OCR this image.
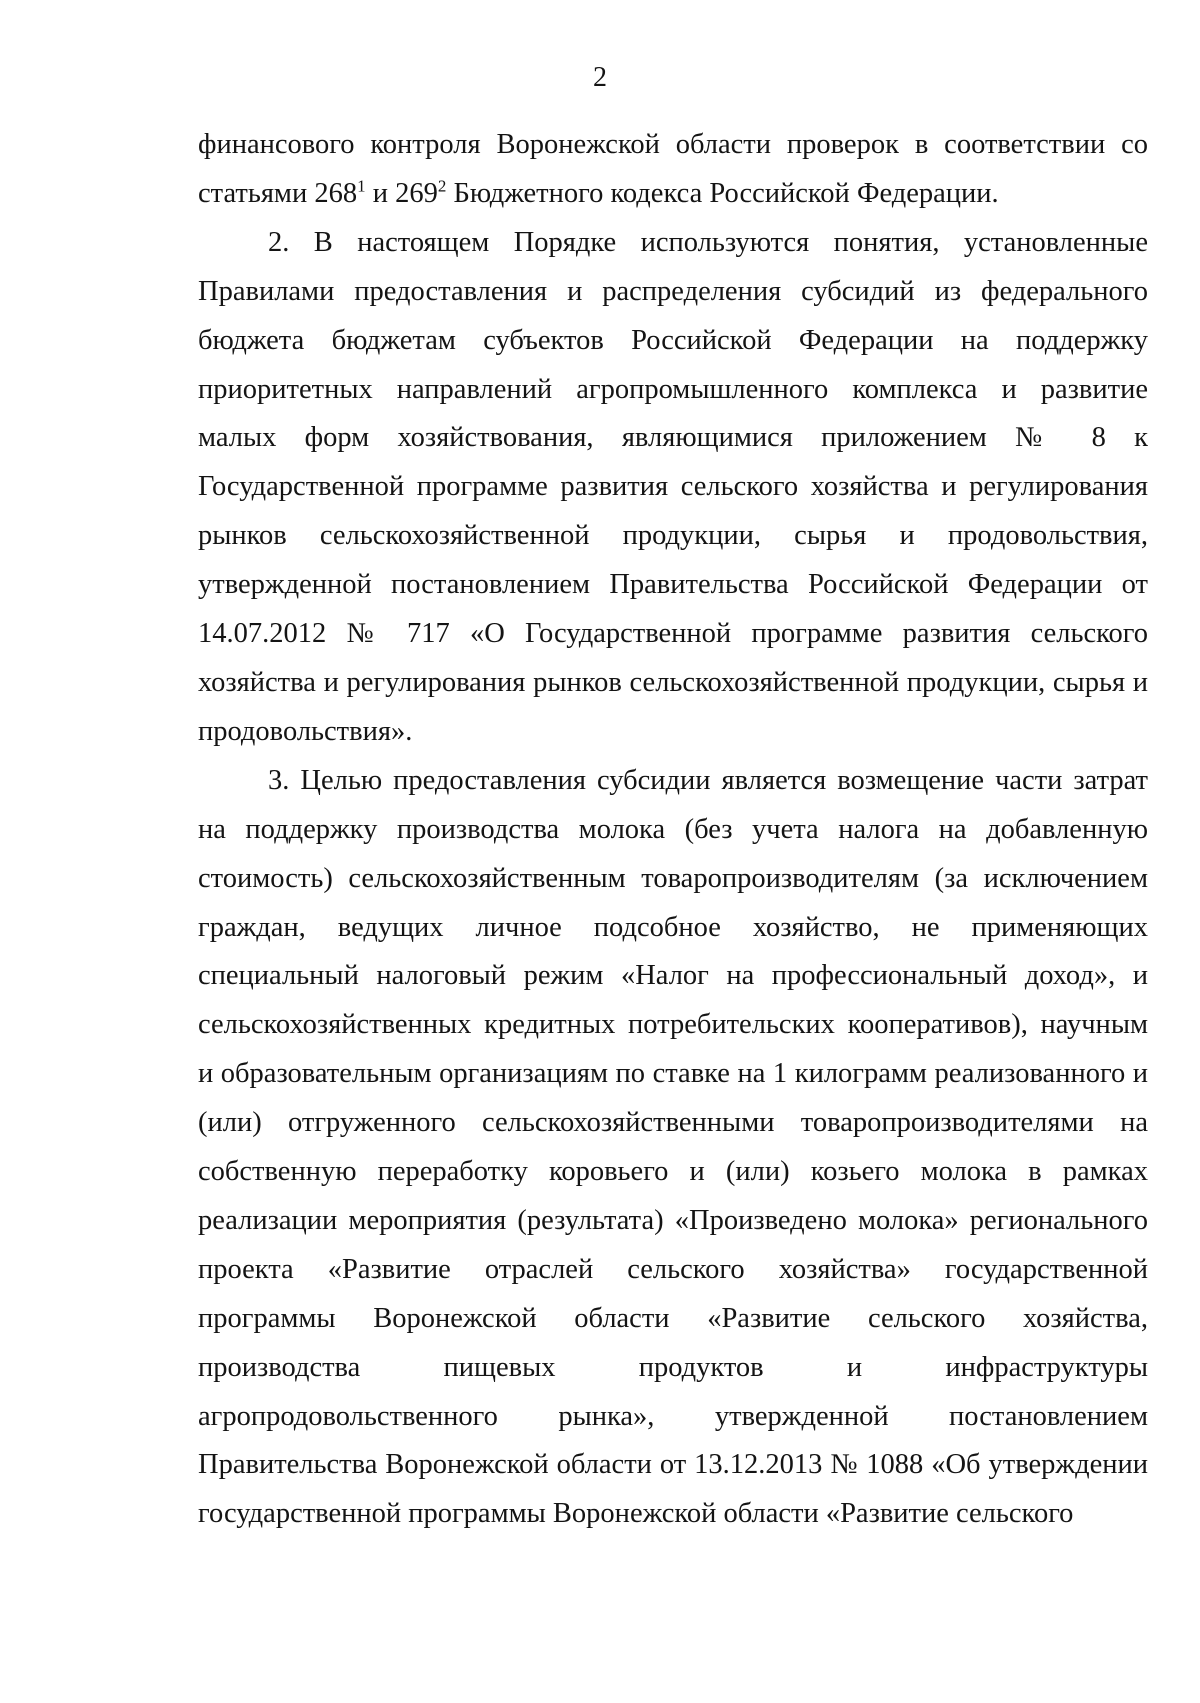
2

финансового контроля Воронежской области проверок в соответствии со статьями $268^1$ и $269^2$ Бюджетного кодекса Российской Федерации.

2. В настоящем Порядке используются понятия, установленные Правилами предоставления и распределения субсидий из федерального бюджета бюджетам субъектов Российской Федерации на поддержку приоритетных направлений агропромышленного комплекса и развитие малых форм хозяйствования, являющимися приложением № 8 к Государственной программе развития сельского хозяйства и регулирования рынков сельскохозяйственной продукции, сырья и продовольствия, утвержденной постановлением Правительства Российской Федерации от 14.07.2012 № 717 «О Государственной программе развития сельского хозяйства и регулирования рынков сельскохозяйственной продукции, сырья и продовольствия».

3. Целью предоставления субсидии является возмещение части затрат на поддержку производства молока (без учета налога на добавленную стоимость) сельскохозяйственным товаропроизводителям (за исключением граждан, ведущих личное подсобное хозяйство, не применяющих специальный налоговый режим «Налог на профессиональный доход», и сельскохозяйственных кредитных потребительских кооперативов), научным и образовательным организациям по ставке на 1 килограмм реализованного и (или) отгруженного сельскохозяйственными товаропроизводителями на собственную переработку коровьего и (или) козьего молока в рамках реализации мероприятия (результата) «Произведено молока» регионального проекта «Развитие отраслей сельского хозяйства» государственной программы Воронежской области «Развитие сельского хозяйства, производства пищевых продуктов и инфраструктуры агропродовольственного рынка», утвержденной постановлением Правительства Воронежской области от 13.12.2013 № 1088 «Об утверждении государственной программы Воронежской области «Развитие сельского
